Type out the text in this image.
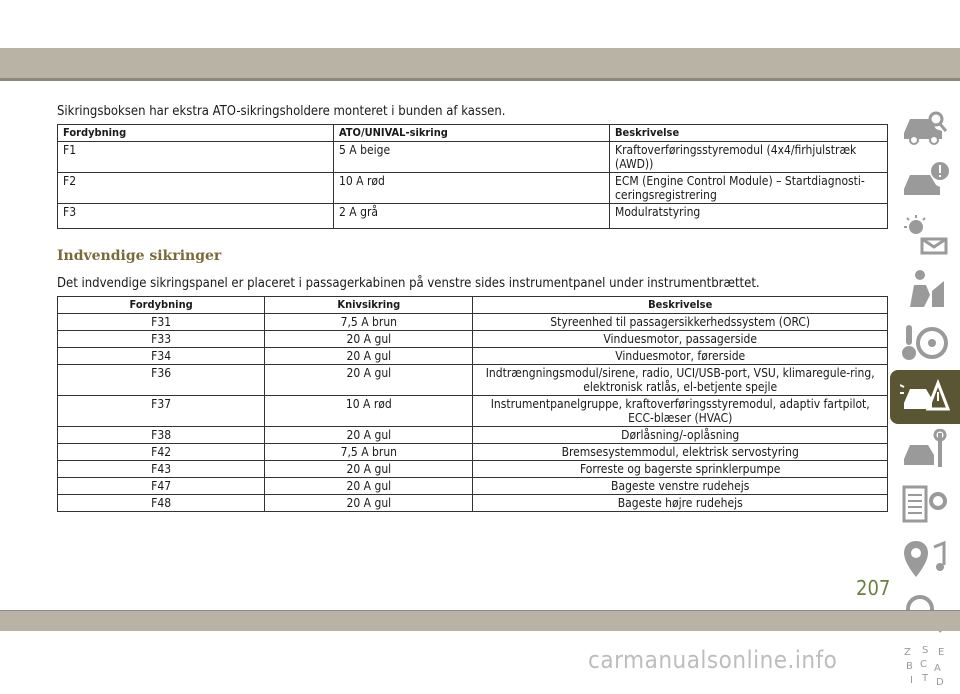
Sikringsboksen har ekstra ATO-sikringsholdere monteret i bunden af kassen.
Fordybning	ATO/UNIVAL-sikring	Beskrivelse
F1	5 A beige	Kraftoverføringsstyremodul (4x4/firhjulstræk (AWD))
F2	10 A rød	ECM (Engine Control Module) – Startdiagnosti-ceringsregistrering
F3	2 A grå	Modulratstyring
Indvendige sikringer
Det indvendige sikringspanel er placeret i passagerkabinen på venstre sides instrumentpanel under instrumentbrættet.
Fordybning	Knivsikring	Beskrivelse
F31	7,5 A brun	Styreenhed til passagersikkerhedssystem (ORC)
F33	20 A gul	Vinduesmotor, passagerside
F34	20 A gul	Vinduesmotor, førerside
F36	20 A gul	Indtrængningsmodul/sirene, radio, UCI/USB-port, VSU, klimaregule-ring, elektronisk ratlås, el-betjente spejle
F37	10 A rød	Instrumentpanelgruppe, kraftoverføringsstyremodul, adaptiv fartpilot, ECC-blæser (HVAC)
F38	20 A gul	Dørlåsning/-oplåsning
F42	7,5 A brun	Bremsesystemmodul, elektrisk servostyring
F43	20 A gul	Forreste og bagerste sprinklerpumpe
F47	20 A gul	Bageste venstre rudehejs
F48	20 A gul	Bageste højre rudehejs
Z S E
B C A
I T D
207
carmanualsonline.info
